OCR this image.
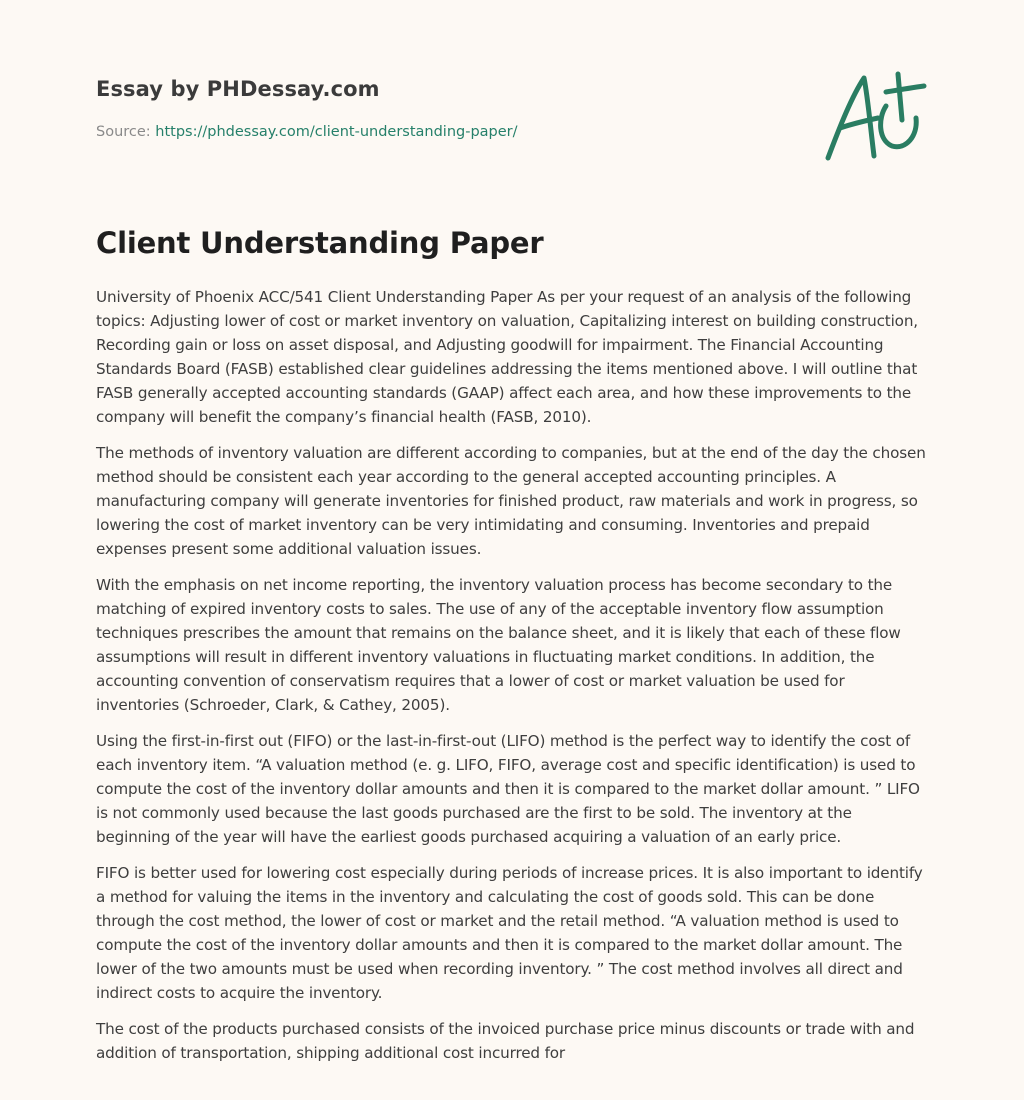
Essay by PHDessay.com
Source: https://phdessay.com/client-understanding-paper/
Client Understanding Paper

University of Phoenix ACC/541 Client Understanding Paper As per your request of an analysis of the following topics: Adjusting lower of cost or market inventory on valuation, Capitalizing interest on building construction, Recording gain or loss on asset disposal, and Adjusting goodwill for impairment. The Financial Accounting Standards Board (FASB) established clear guidelines addressing the items mentioned above. I will outline that FASB generally accepted accounting standards (GAAP) affect each area, and how these improvements to the company will benefit the company’s financial health (FASB, 2010).

The methods of inventory valuation are different according to companies, but at the end of the day the chosen method should be consistent each year according to the general accepted accounting principles. A manufacturing company will generate inventories for finished product, raw materials and work in progress, so lowering the cost of market inventory can be very intimidating and consuming. Inventories and prepaid expenses present some additional valuation issues.

With the emphasis on net income reporting, the inventory valuation process has become secondary to the matching of expired inventory costs to sales. The use of any of the acceptable inventory flow assumption techniques prescribes the amount that remains on the balance sheet, and it is likely that each of these flow assumptions will result in different inventory valuations in fluctuating market conditions. In addition, the accounting convention of conservatism requires that a lower of cost or market valuation be used for inventories (Schroeder, Clark, & Cathey, 2005).

Using the first-in-first out (FIFO) or the last-in-first-out (LIFO) method is the perfect way to identify the cost of each inventory item. “A valuation method (e. g. LIFO, FIFO, average cost and specific identification) is used to compute the cost of the inventory dollar amounts and then it is compared to the market dollar amount. ” LIFO is not commonly used because the last goods purchased are the first to be sold. The inventory at the beginning of the year will have the earliest goods purchased acquiring a valuation of an early price.

FIFO is better used for lowering cost especially during periods of increase prices. It is also important to identify a method for valuing the items in the inventory and calculating the cost of goods sold. This can be done through the cost method, the lower of cost or market and the retail method. “A valuation method is used to compute the cost of the inventory dollar amounts and then it is compared to the market dollar amount. The lower of the two amounts must be used when recording inventory. ” The cost method involves all direct and indirect costs to acquire the inventory.

The cost of the products purchased consists of the invoiced purchase price minus discounts or trade with and addition of transportation, shipping additional cost incurred for
